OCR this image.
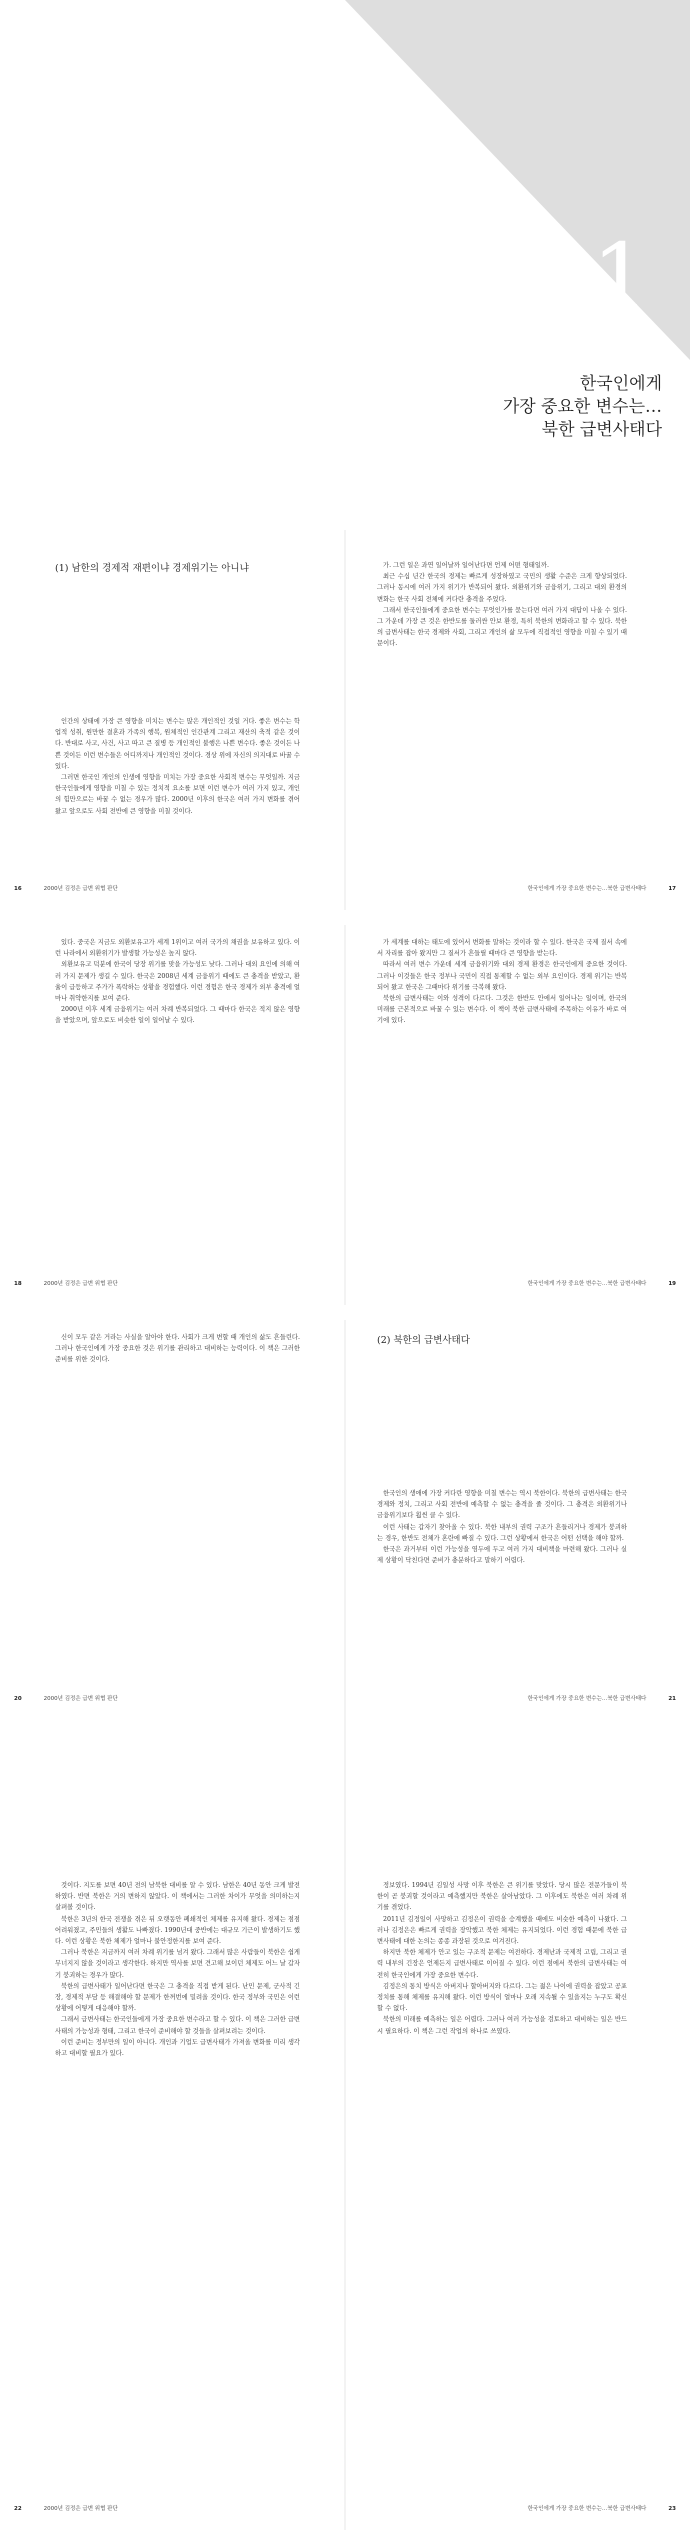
1
한국인에게
가장 중요한 변수는…
북한 급변사태다
(1) 남한의 경제적 재편이냐 경제위기는 아니냐

인간의 상태에 가장 큰 영향을 미치는 변수는 많은 개인적인 것일 거다. 좋은 변수는 학업적 성취, 원만한 결혼과 가족의 행복, 원체적인 인간관계 그리고 재산의 축적 같은 것이다. 반대로 사고, 사건, 사고 따고 큰 질병 등 개인적인 불행은 나쁜 변수다. 좋은 것이든 나쁜 것이든 이런 변수들은 어디까지나 개인적인 것이다. 경상 위에 자신의 의지대로 바꿀 수 있다.

그러면 한국인 개인의 인생에 영향을 미치는 가장 중요한 사회적 변수는 무엇일까. 지금 한국인들에게 영향을 미칠 수 있는 정치적 요소를 보면 이런 변수가 여러 가지 있고, 개인의 힘만으로는 바꿀 수 없는 경우가 많다. 2000년 이후의 한국은 여러 가지 변화를 겪어 왔고 앞으로도 사회 전반에 큰 영향을 미칠 것이다.

16	2000년 김정은 급변 위협 판단

가. 그런 일은 과연 일어날까 일어난다면 언제 어떤 형태일까.

최근 수십 년간 한국의 경제는 빠르게 성장하였고 국민의 생활 수준은 크게 향상되었다. 그러나 동시에 여러 가지 위기가 반복되어 왔다. 외환위기와 금융위기, 그리고 대외 환경의 변화는 한국 사회 전체에 커다란 충격을 주었다.

그래서 한국인들에게 중요한 변수는 무엇인가를 묻는다면 여러 가지 대답이 나올 수 있다. 그 가운데 가장 큰 것은 한반도를 둘러싼 안보 환경, 특히 북한의 변화라고 할 수 있다. 북한의 급변사태는 한국 경제와 사회, 그리고 개인의 삶 모두에 직접적인 영향을 미칠 수 있기 때문이다.

한국인에게 가장 중요한 변수는…북한 급변사태다	17

있다. 중국은 지금도 외환보유고가 세계 1위이고 여러 국가의 채권을 보유하고 있다. 이런 나라에서 외환위기가 발생할 가능성은 높지 않다.

외환보유고 덕분에 한국이 당장 위기를 맞을 가능성도 낮다. 그러나 대외 요인에 의해 여러 가지 문제가 생길 수 있다. 한국은 2008년 세계 금융위기 때에도 큰 충격을 받았고, 환율이 급등하고 주가가 폭락하는 상황을 경험했다. 이런 경험은 한국 경제가 외부 충격에 얼마나 취약한지를 보여 준다.

2000년 이후 세계 금융위기는 여러 차례 반복되었다. 그 때마다 한국은 적지 않은 영향을 받았으며, 앞으로도 비슷한 일이 일어날 수 있다.

18	2000년 김정은 급변 위협 판단

가 세계를 대하는 태도에 있어서 변화를 말하는 것이라 할 수 있다. 한국은 국제 질서 속에서 자리를 잡아 왔지만 그 질서가 흔들릴 때마다 큰 영향을 받는다.

따라서 여러 변수 가운데 세계 금융위기와 대외 경제 환경은 한국인에게 중요한 것이다. 그러나 이것들은 한국 정부나 국민이 직접 통제할 수 없는 외부 요인이다. 경제 위기는 반복되어 왔고 한국은 그때마다 위기를 극복해 왔다.

북한의 급변사태는 이와 성격이 다르다. 그것은 한반도 안에서 일어나는 일이며, 한국의 미래를 근본적으로 바꿀 수 있는 변수다. 이 책이 북한 급변사태에 주목하는 이유가 바로 여기에 있다.

한국인에게 가장 중요한 변수는…북한 급변사태다	19

신이 모두 같은 거라는 사실을 알아야 한다. 사회가 크게 변할 때 개인의 삶도 흔들린다. 그러나 한국인에게 가장 중요한 것은 위기를 관리하고 대비하는 능력이다. 이 책은 그러한 준비를 위한 것이다.

20	2000년 김정은 급변 위협 판단
(2) 북한의 급변사태다

한국인의 생애에 가장 커다란 영향을 미칠 변수는 역시 북한이다. 북한의 급변사태는 한국 경제와 정치, 그리고 사회 전반에 예측할 수 없는 충격을 줄 것이다. 그 충격은 외환위기나 금융위기보다 훨씬 클 수 있다.

이런 사태는 갑자기 찾아올 수 있다. 북한 내부의 권력 구조가 흔들리거나 경제가 붕괴하는 경우, 한반도 전체가 혼란에 빠질 수 있다. 그런 상황에서 한국은 어떤 선택을 해야 할까.

한국은 과거부터 이런 가능성을 염두에 두고 여러 가지 대비책을 마련해 왔다. 그러나 실제 상황이 닥친다면 준비가 충분하다고 말하기 어렵다.

한국인에게 가장 중요한 변수는…북한 급변사태다	21

것이다. 지도를 보면 40년 전의 남북한 대비를 알 수 있다. 남한은 40년 동안 크게 발전하였다. 반면 북한은 거의 변하지 않았다. 이 책에서는 그러한 차이가 무엇을 의미하는지 살펴볼 것이다.

북한은 3년의 한국 전쟁을 겪은 뒤 오랫동안 폐쇄적인 체제를 유지해 왔다. 경제는 점점 어려워졌고, 주민들의 생활도 나빠졌다. 1990년대 중반에는 대규모 기근이 발생하기도 했다. 이런 상황은 북한 체제가 얼마나 불안정한지를 보여 준다.

그러나 북한은 지금까지 여러 차례 위기를 넘겨 왔다. 그래서 많은 사람들이 북한은 쉽게 무너지지 않을 것이라고 생각한다. 하지만 역사를 보면 견고해 보이던 체제도 어느 날 갑자기 붕괴하는 경우가 많다.

북한의 급변사태가 일어난다면 한국은 그 충격을 직접 받게 된다. 난민 문제, 군사적 긴장, 경제적 부담 등 해결해야 할 문제가 한꺼번에 밀려올 것이다. 한국 정부와 국민은 이런 상황에 어떻게 대응해야 할까.

그래서 급변사태는 한국인들에게 가장 중요한 변수라고 할 수 있다. 이 책은 그러한 급변사태의 가능성과 형태, 그리고 한국이 준비해야 할 것들을 살펴보려는 것이다.

이런 준비는 정부만의 일이 아니다. 개인과 기업도 급변사태가 가져올 변화를 미리 생각하고 대비할 필요가 있다.

22	2000년 김정은 급변 위협 판단

정보였다. 1994년 김일성 사망 이후 북한은 큰 위기를 맞았다. 당시 많은 전문가들이 북한이 곧 붕괴할 것이라고 예측했지만 북한은 살아남았다. 그 이후에도 북한은 여러 차례 위기를 겪었다.

2011년 김정일이 사망하고 김정은이 권력을 승계했을 때에도 비슷한 예측이 나왔다. 그러나 김정은은 빠르게 권력을 장악했고 북한 체제는 유지되었다. 이런 경험 때문에 북한 급변사태에 대한 논의는 종종 과장된 것으로 여겨진다.

하지만 북한 체제가 안고 있는 구조적 문제는 여전하다. 경제난과 국제적 고립, 그리고 권력 내부의 긴장은 언제든지 급변사태로 이어질 수 있다. 이런 점에서 북한의 급변사태는 여전히 한국인에게 가장 중요한 변수다.

김정은의 통치 방식은 아버지나 할아버지와 다르다. 그는 젊은 나이에 권력을 잡았고 공포 정치를 통해 체제를 유지해 왔다. 이런 방식이 얼마나 오래 지속될 수 있을지는 누구도 확신할 수 없다.

북한의 미래를 예측하는 일은 어렵다. 그러나 여러 가능성을 검토하고 대비하는 일은 반드시 필요하다. 이 책은 그런 작업의 하나로 쓰였다.

한국인에게 가장 중요한 변수는…북한 급변사태다	23
